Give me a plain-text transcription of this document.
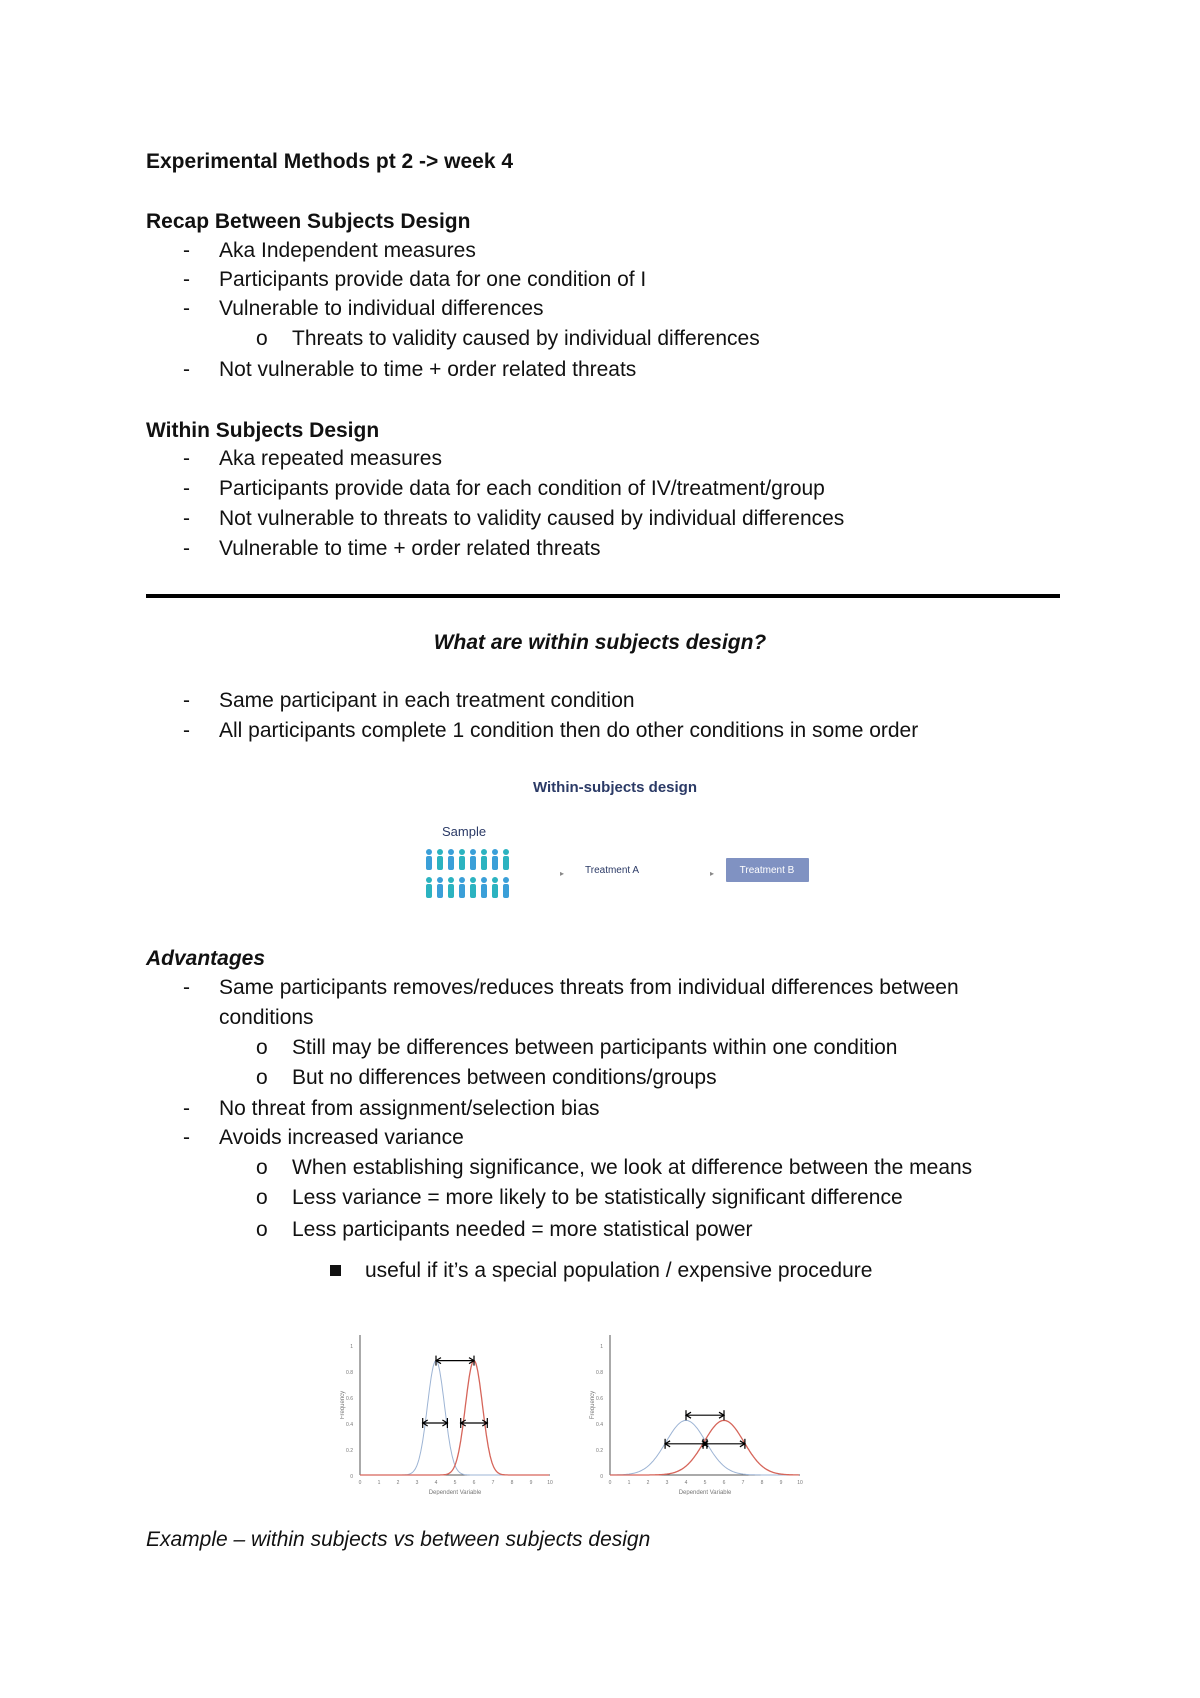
Experimental Methods pt 2 -> week 4
Recap Between Subjects Design
- Aka Independent measures
- Participants provide data for one condition of I
- Vulnerable to individual differences
o Threats to validity caused by individual differences
- Not vulnerable to time + order related threats
Within Subjects Design
- Aka repeated measures
- Participants provide data for each condition of IV/treatment/group
- Not vulnerable to threats to validity caused by individual differences
- Vulnerable to time + order related threats
What are within subjects design?
- Same participant in each treatment condition
- All participants complete 1 condition then do other conditions in some order
Within-subjects design
Sample
▸ Treatment A	▸	Treatment B
Advantages
- Same participants removes/reduces threats from individual differences between
conditions
o Still may be differences between participants within one condition
o But no differences between conditions/groups
- No threat from assignment/selection bias
- Avoids increased variance
o When establishing significance, we look at difference between the means
o Less variance = more likely to be statistically significant difference
o Less participants needed = more statistical power
useful if it’s a special population / expensive procedure
1
0.8
0.6
0.4
0.2
0
0	1	2	3	4	5	6	7	8	9	10
Frequency
Dependent Variable
1
0.8
0.6
0.4
0.2
0
0	1	2	3	4	5	6	7	8	9	10
Frequency
Dependent Variable
Example – within subjects vs between subjects design
